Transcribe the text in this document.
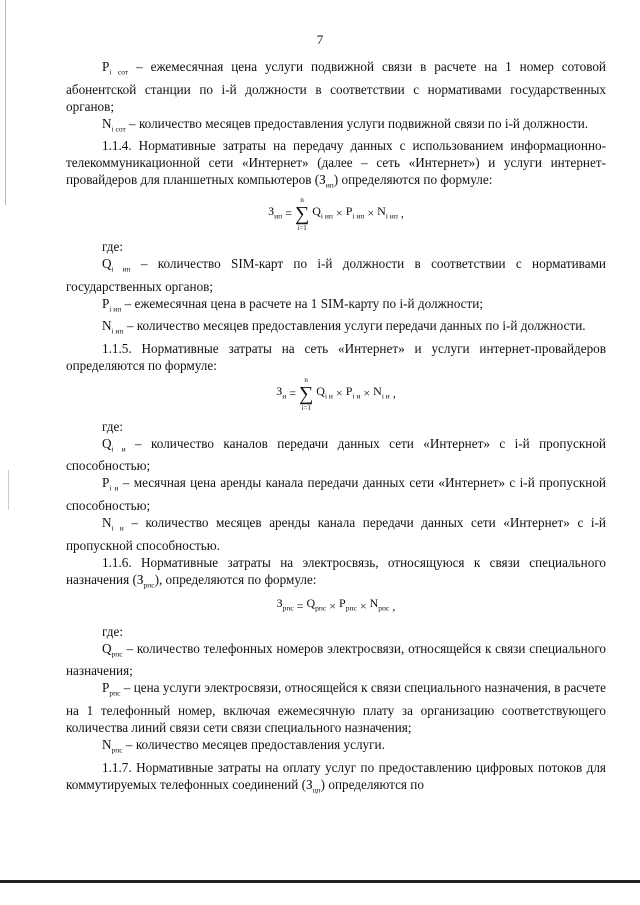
7

$P_{i сот}$ – ежемесячная цена услуги подвижной связи в расчете на 1 номер сотовой абонентской станции по i-й должности в соответствии с нормативами государственных органов;

$N_{i сот}$ – количество месяцев предоставления услуги подвижной связи по i-й должности.

1.1.4. Нормативные затраты на передачу данных с использованием информационно-телекоммуникационной сети «Интернет» (далее – сеть «Интернет») и услуги интернет-провайдеров для планшетных компьютеров $(З_{ип})$ определяются по формуле:

$З_{ип}$ =
n
∑
i=1
$Q_{i ип} \times P_{i ип} \times N_{i ип}$ ,

где:

$Q_{i ип}$ – количество SIM-карт по i-й должности в соответствии с нормативами государственных органов;

$P_{i ип}$ – ежемесячная цена в расчете на 1 SIM-карту по i-й должности;

$N_{i ип}$ – количество месяцев предоставления услуги передачи данных по i-й должности.

1.1.5. Нормативные затраты на сеть «Интернет» и услуги интернет-провайдеров определяются по формуле:

$З_и$ =
n
∑
i=1
$Q_{i и} \times P_{i и} \times N_{i и}$ ,

где:

$Q_{i и}$ – количество каналов передачи данных сети «Интернет» с i-й пропускной способностью;

$P_{i и}$ – месячная цена аренды канала передачи данных сети «Интернет» с i-й пропускной способностью;

$N_{i и}$ – количество месяцев аренды канала передачи данных сети «Интернет» с i-й пропускной способностью.

1.1.6. Нормативные затраты на электросвязь, относящуюся к связи специального назначения $(З_{рпс})$, определяются по формуле:

$З_{рпс} = Q_{рпс} \times P_{рпс} \times N_{рпс}$ ,

где:

$Q_{рпс}$ – количество телефонных номеров электросвязи, относящейся к связи специального назначения;

$P_{рпс}$ – цена услуги электросвязи, относящейся к связи специального назначения, в расчете на 1 телефонный номер, включая ежемесячную плату за организацию соответствующего количества линий связи сети связи специального назначения;

$N_{рпс}$ – количество месяцев предоставления услуги.

1.1.7. Нормативные затраты на оплату услуг по предоставлению цифровых потоков для коммутируемых телефонных соединений $(З_{цп})$ определяются по
